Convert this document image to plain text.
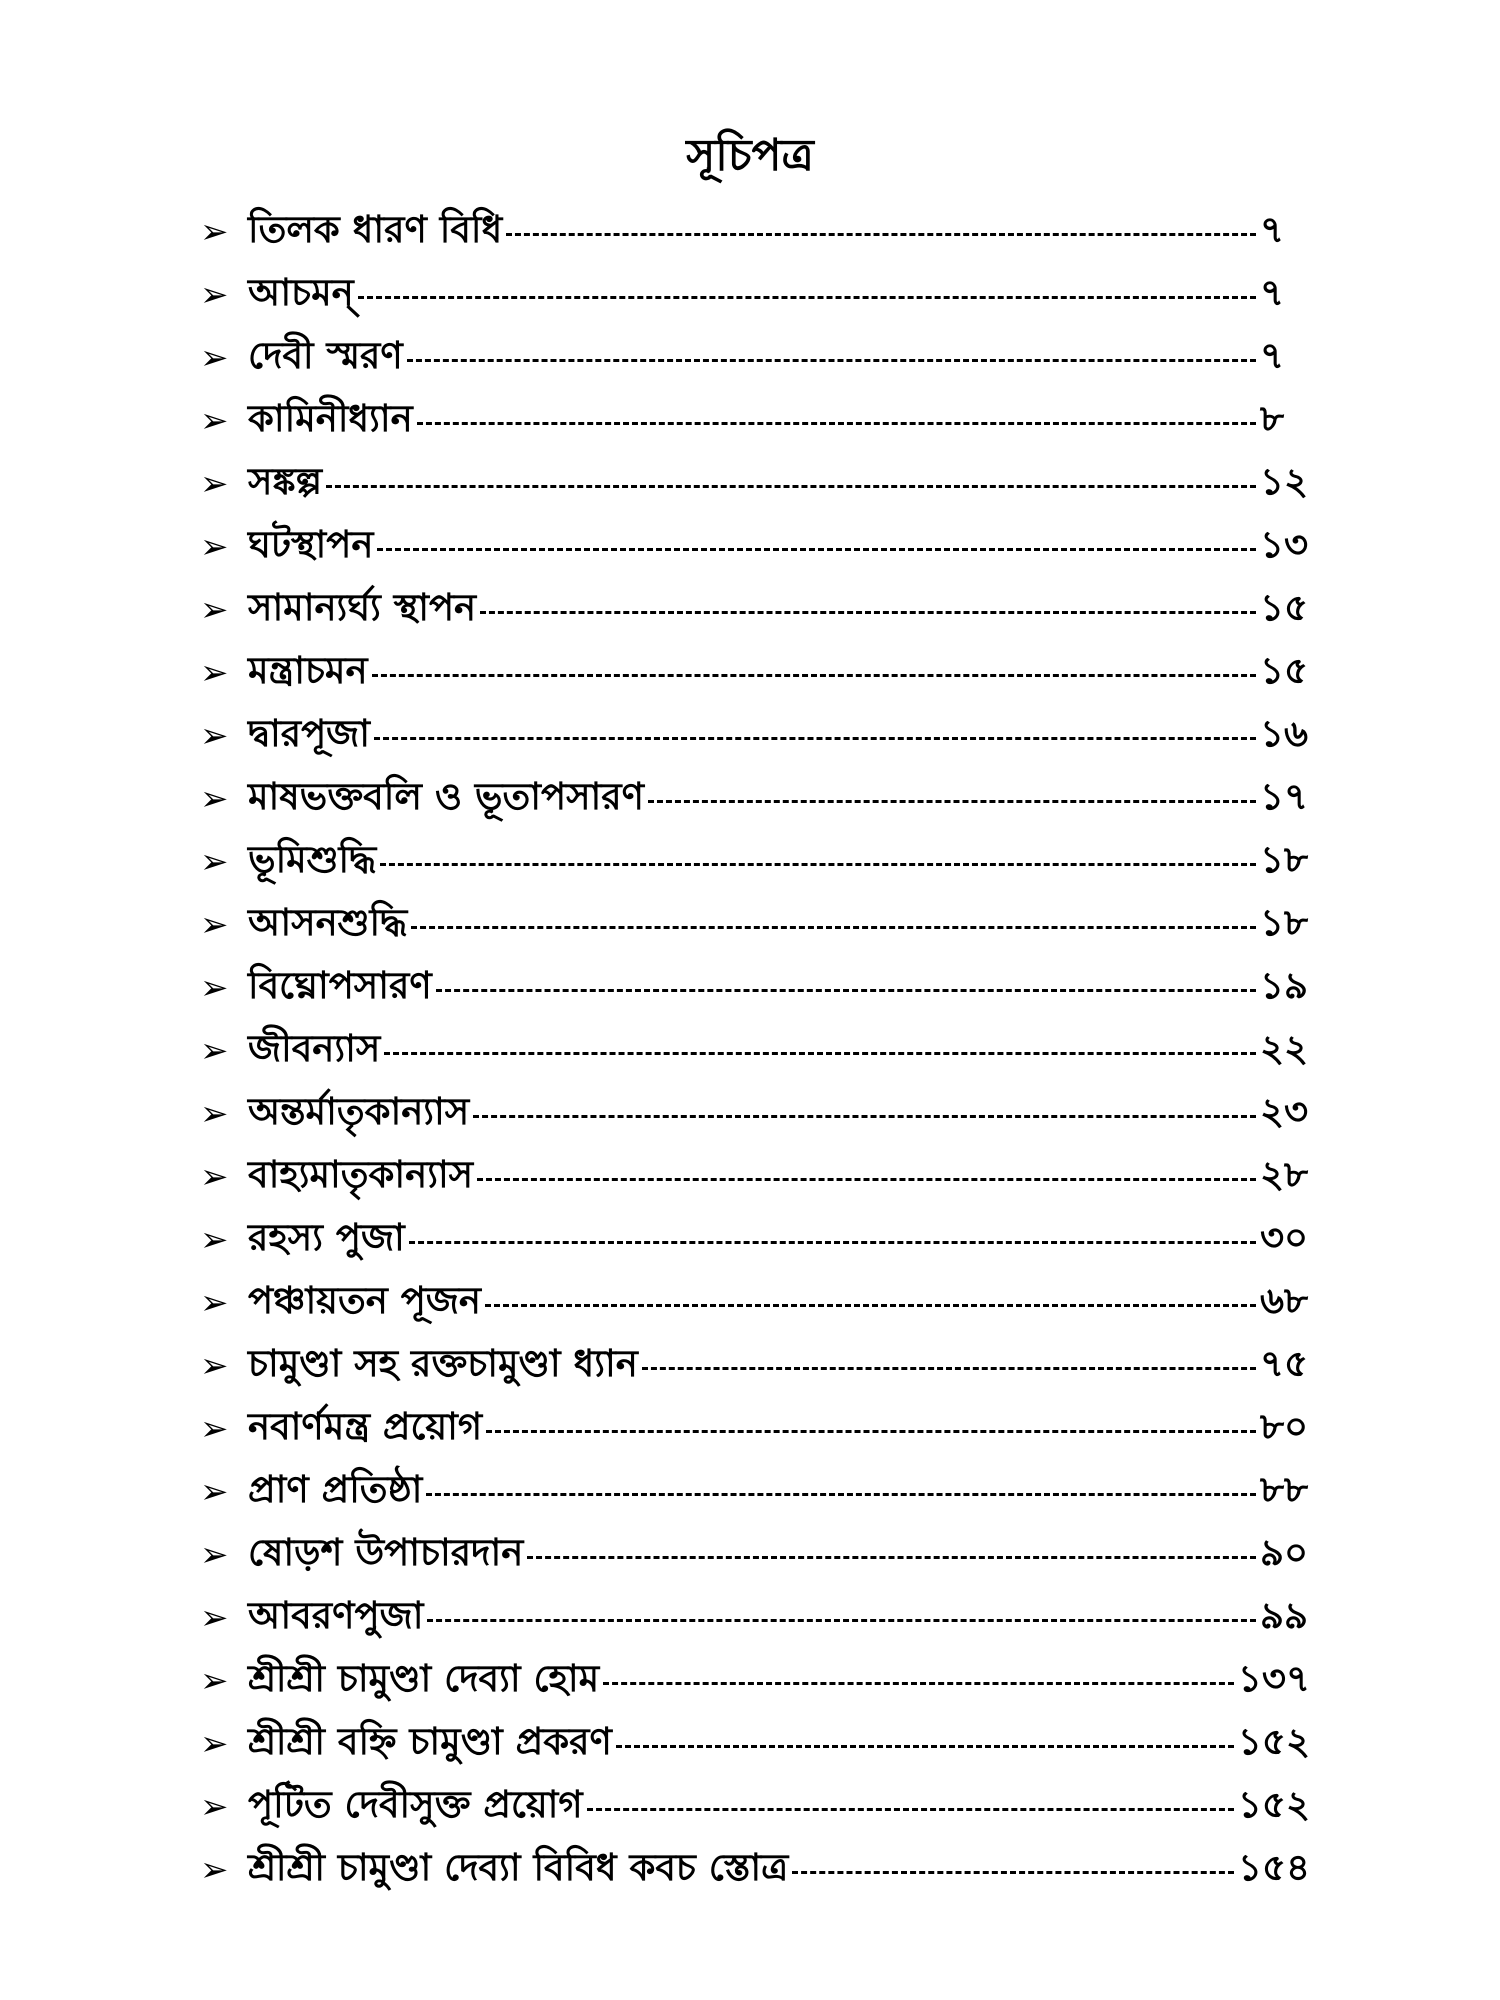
সূচিপত্র
➢ তিলক ধারণ বিধি	৭
➢ আচমন্	৭
➢ দেবী স্মরণ	৭
➢ কামিনীধ্যান	৮
➢ সঙ্কল্প	১২
➢ ঘটস্থাপন	১৩
➢ সামান্যর্ঘ্য স্থাপন	১৫
➢ মন্ত্রাচমন	১৫
➢ দ্বারপূজা	১৬
➢ মাষভক্তবলি ও ভূতাপসারণ	১৭
➢ ভূমিশুদ্ধি	১৮
➢ আসনশুদ্ধি	১৮
➢ বিঘ্নোপসারণ	১৯
➢ জীবন্যাস	২২
➢ অন্তর্মাতৃকান্যাস	২৩
➢ বাহ্যমাতৃকান্যাস	২৮
➢ রহস্য পুজা	৩০
➢ পঞ্চায়তন পূজন	৬৮
➢ চামুণ্ডা সহ রক্তচামুণ্ডা ধ্যান	৭৫
➢ নবার্ণমন্ত্র প্রয়োগ	৮০
➢ প্রাণ প্রতিষ্ঠা	৮৮
➢ ষোড়শ উপাচারদান	৯০
➢ আবরণপুজা	৯৯
➢ শ্রীশ্রী চামুণ্ডা দেব্যা হোম	১৩৭
➢ শ্রীশ্রী বহ্নি চামুণ্ডা প্রকরণ	১৫২
➢ পূটিত দেবীসুক্ত প্রয়োগ	১৫২
➢ শ্রীশ্রী চামুণ্ডা দেব্যা বিবিধ কবচ স্তোত্র	১৫৪
